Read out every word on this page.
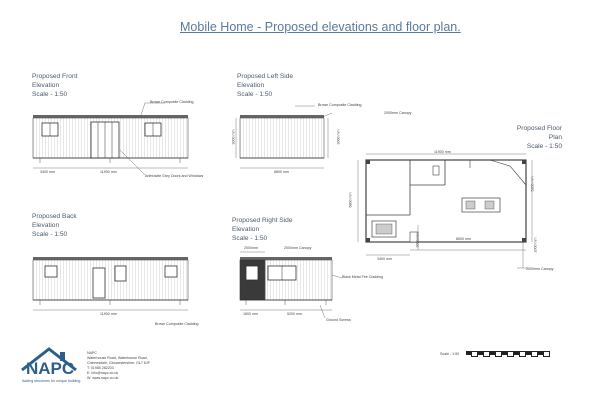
Mobile Home - Proposed elevations and floor plan.
Proposed Front
Elevation
Scale - 1:50
Proposed Left Side
Elevation
Scale - 1:50
Proposed Floor
Plan
Scale - 1:50
Proposed Back
Elevation
Scale - 1:50
Proposed Right Side
Elevation
Scale - 1:50
Brown Composite Cladding
Anthracite Grey Doors and Windows
Brown Composite Cladding
2000mm Canopy
2000mm Canopy
Black Metal Fire Cladding
Brown Composite Cladding
Ground Screws
2000mm Canopy
3400 mm	11900 mm	6800 mm
3000 mm	3000 mm
11900 mm
2000mm
1800 mm	5200 mm
11900 mm
6800 mm
5200 mm
8500 mm
3400 mm
2000 mm
3000 mm
NAPC
Adding structures for unique building
NAPC
Waterhouse Road, Waterhouse Road,
Chinnesdale, Gloucestershire, GL7 6JF
T: 01985 282203
E: info@napc.co.uk
W: www.napc.co.uk
Scale - 1:50
